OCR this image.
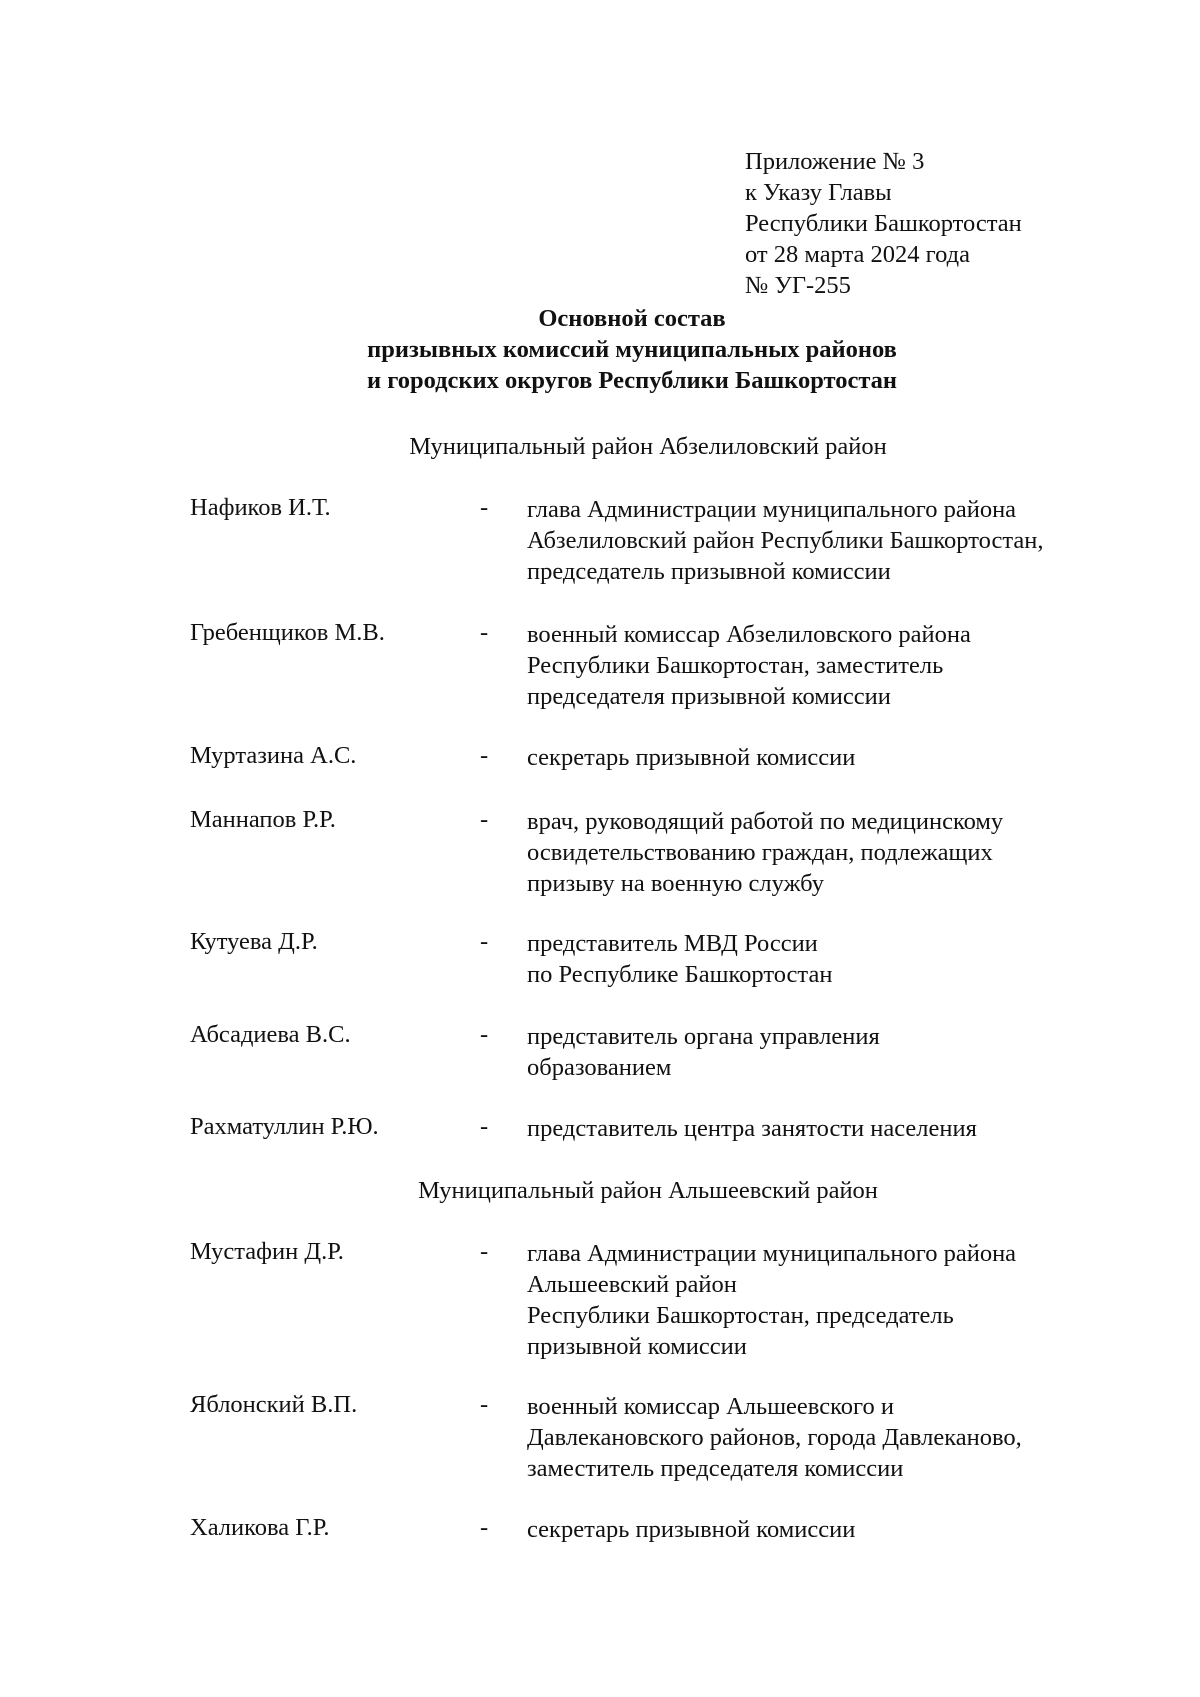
Приложение № 3
к Указу Главы
Республики Башкортостан
от 28 марта 2024 года
№ УГ-255
Основной состав
призывных комиссий муниципальных районов
и городских округов Республики Башкортостан
Муниципальный район Абзелиловский район
Нафиков И.Т.	- глава Администрации муниципального района
Абзелиловский район Республики Башкортостан,
председатель призывной комиссии
Гребенщиков М.В.	- военный комиссар Абзелиловского района
Республики Башкортостан, заместитель
председателя призывной комиссии
Муртазина А.С.	- секретарь призывной комиссии
Маннапов Р.Р.	- врач, руководящий работой по медицинскому
освидетельствованию граждан, подлежащих
призыву на военную службу
Кутуева Д.Р.	- представитель МВД России
по Республике Башкортостан
Абсадиева В.С.	- представитель органа управления
образованием
Рахматуллин Р.Ю.	- представитель центра занятости населения
Муниципальный район Альшеевский район
Мустафин Д.Р.	- глава Администрации муниципального района
Альшеевский район
Республики Башкортостан, председатель
призывной комиссии
Яблонский В.П.	- военный комиссар Альшеевского и
Давлекановского районов, города Давлеканово,
заместитель председателя комиссии
Халикова Г.Р.	- секретарь призывной комиссии
